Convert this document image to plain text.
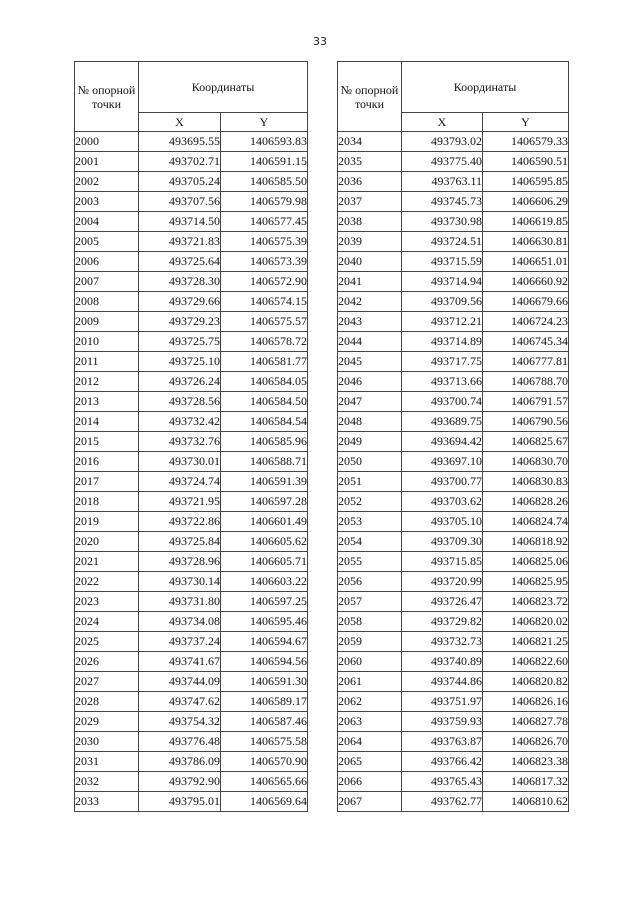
33
№ опорной точки	Координаты	
	X	Y
2000	493695.55	1406593.83
2001	493702.71	1406591.15
2002	493705.24	1406585.50
2003	493707.56	1406579.98
2004	493714.50	1406577.45
2005	493721.83	1406575.39
2006	493725.64	1406573.39
2007	493728.30	1406572.90
2008	493729.66	1406574.15
2009	493729.23	1406575.57
2010	493725.75	1406578.72
2011	493725.10	1406581.77
2012	493726.24	1406584.05
2013	493728.56	1406584.50
2014	493732.42	1406584.54
2015	493732.76	1406585.96
2016	493730.01	1406588.71
2017	493724.74	1406591.39
2018	493721.95	1406597.28
2019	493722.86	1406601.49
2020	493725.84	1406605.62
2021	493728.96	1406605.71
2022	493730.14	1406603.22
2023	493731.80	1406597.25
2024	493734.08	1406595.46
2025	493737.24	1406594.67
2026	493741.67	1406594.56
2027	493744.09	1406591.30
2028	493747.62	1406589.17
2029	493754.32	1406587.46
2030	493776.48	1406575.58
2031	493786.09	1406570.90
2032	493792.90	1406565.66
2033	493795.01	1406569.64
№ опорной точки	Координаты	
	X	Y
2034	493793.02	1406579.33
2035	493775.40	1406590.51
2036	493763.11	1406595.85
2037	493745.73	1406606.29
2038	493730.98	1406619.85
2039	493724.51	1406630.81
2040	493715.59	1406651.01
2041	493714.94	1406660.92
2042	493709.56	1406679.66
2043	493712.21	1406724.23
2044	493714.89	1406745.34
2045	493717.75	1406777.81
2046	493713.66	1406788.70
2047	493700.74	1406791.57
2048	493689.75	1406790.56
2049	493694.42	1406825.67
2050	493697.10	1406830.70
2051	493700.77	1406830.83
2052	493703.62	1406828.26
2053	493705.10	1406824.74
2054	493709.30	1406818.92
2055	493715.85	1406825.06
2056	493720.99	1406825.95
2057	493726.47	1406823.72
2058	493729.82	1406820.02
2059	493732.73	1406821.25
2060	493740.89	1406822.60
2061	493744.86	1406820.82
2062	493751.97	1406826.16
2063	493759.93	1406827.78
2064	493763.87	1406826.70
2065	493766.42	1406823.38
2066	493765.43	1406817.32
2067	493762.77	1406810.62
